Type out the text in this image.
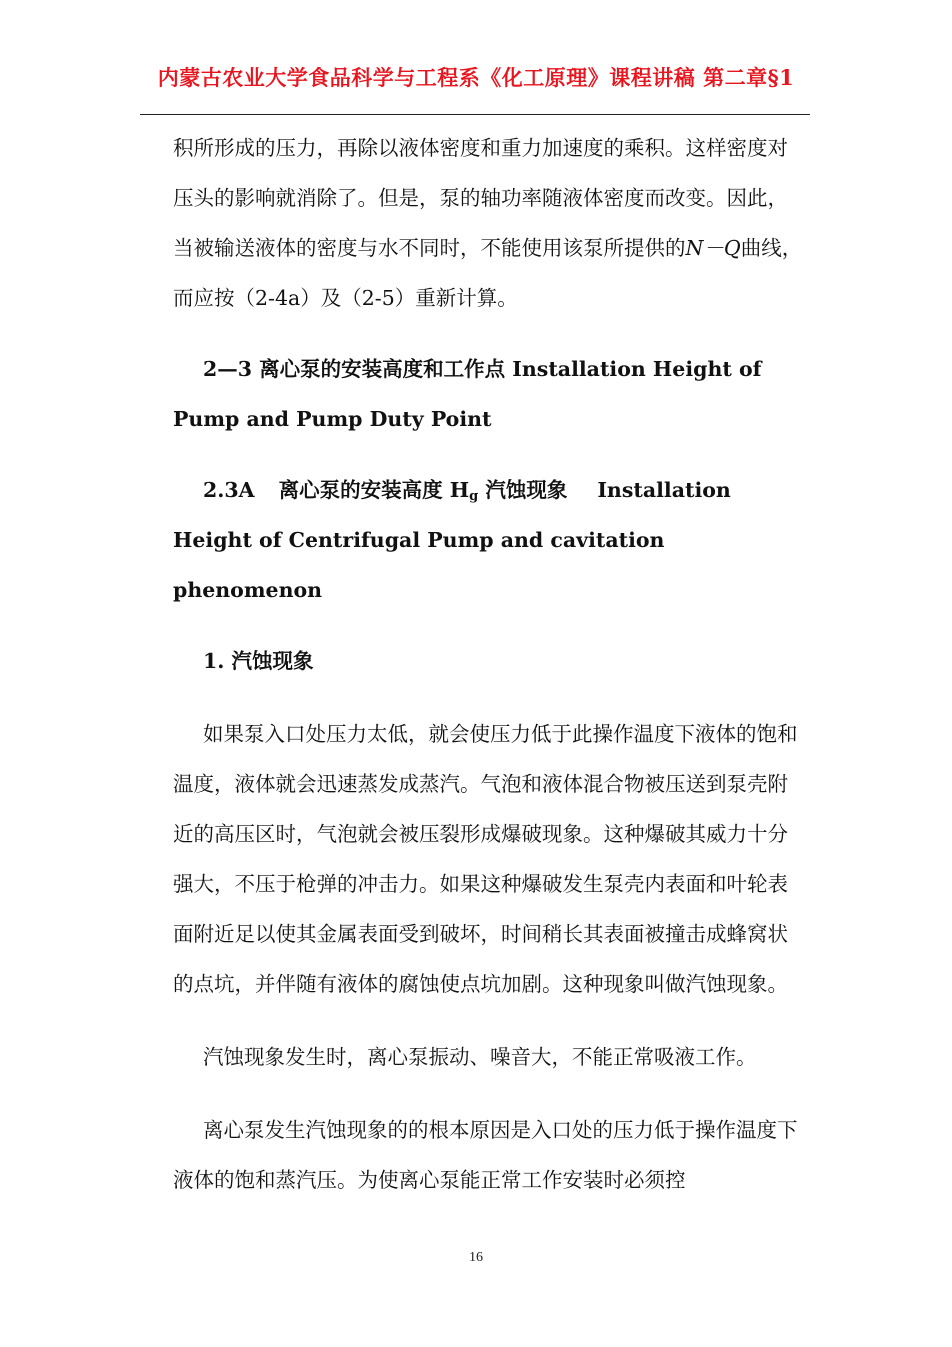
内蒙古农业大学食品科学与工程系《化工原理》课程讲稿 第二章§1

积所形成的压力，再除以液体密度和重力加速度的乘积。这样密度对压头的影响就消除了。但是，泵的轴功率随液体密度而改变。因此，当被输送液体的密度与水不同时，不能使用该泵所提供的N－Q曲线，而应按（2-4a）及（2-5）重新计算。

2—3 离心泵的安装高度和工作点 Installation Height of Pump and Pump Duty Point

2.3A 离心泵的安装高度 $H_g$ 汽蚀现象 Installation Height of Centrifugal Pump and cavitation phenomenon

1. 汽蚀现象

如果泵入口处压力太低，就会使压力低于此操作温度下液体的饱和温度，液体就会迅速蒸发成蒸汽。气泡和液体混合物被压送到泵壳附近的高压区时，气泡就会被压裂形成爆破现象。这种爆破其威力十分强大，不压于枪弹的冲击力。如果这种爆破发生泵壳内表面和叶轮表面附近足以使其金属表面受到破坏，时间稍长其表面被撞击成蜂窝状的点坑，并伴随有液体的腐蚀使点坑加剧。这种现象叫做汽蚀现象。

汽蚀现象发生时，离心泵振动、噪音大，不能正常吸液工作。

离心泵发生汽蚀现象的的根本原因是入口处的压力低于操作温度下液体的饱和蒸汽压。为使离心泵能正常工作安装时必须控

16
